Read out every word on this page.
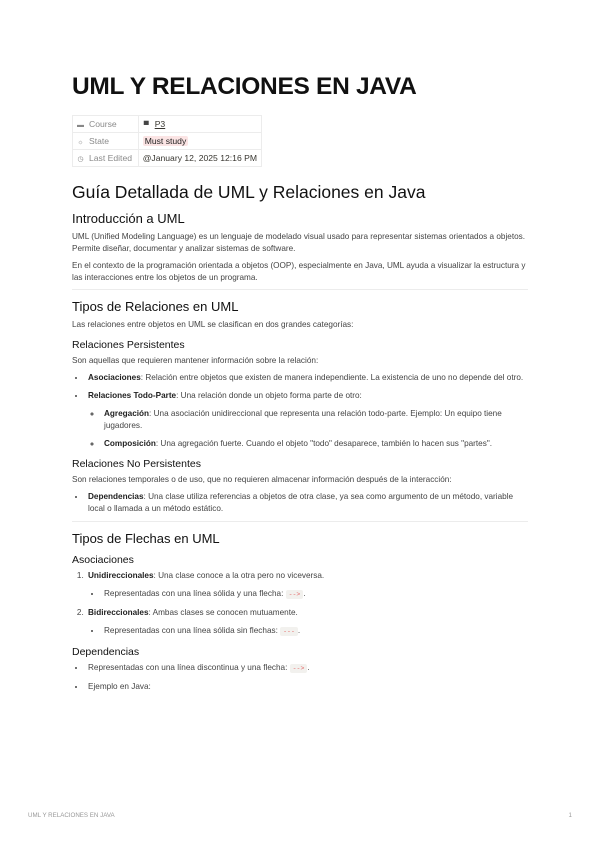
UML Y RELACIONES EN JAVA
▬ Course	▀ P3
☼ State	Must study
◷ Last Edited	@January 12, 2025 12:16 PM
Guía Detallada de UML y Relaciones en Java
Introducción a UML

UML (Unified Modeling Language) es un lenguaje de modelado visual usado para representar sistemas orientados a objetos. Permite diseñar, documentar y analizar sistemas de software.

En el contexto de la programación orientada a objetos (OOP), especialmente en Java, UML ayuda a visualizar la estructura y las interacciones entre los objetos de un programa.

Tipos de Relaciones en UML

Las relaciones entre objetos en UML se clasifican en dos grandes categorías:

Relaciones Persistentes

Son aquellas que requieren mantener información sobre la relación:

• Asociaciones: Relación entre objetos que existen de manera independiente. La existencia de uno no depende del otro.
• Relaciones Todo-Parte: Una relación donde un objeto forma parte de otro:
◦ Agregación: Una asociación unidireccional que representa una relación todo-parte. Ejemplo: Un equipo tiene jugadores.
◦ Composición: Una agregación fuerte. Cuando el objeto "todo" desaparece, también lo hacen sus "partes".
Relaciones No Persistentes

Son relaciones temporales o de uso, que no requieren almacenar información después de la interacción:

• Dependencias: Una clase utiliza referencias a objetos de otra clase, ya sea como argumento de un método, variable local o llamada a un método estático.
Tipos de Flechas en UML
Asociaciones
1. Unidireccionales: Una clase conoce a la otra pero no viceversa.
• Representadas con una línea sólida y una flecha: --> .
2. Bidireccionales: Ambas clases se conocen mutuamente.
• Representadas con una línea sólida sin flechas: --- .
Dependencias
• Representadas con una línea discontinua y una flecha: --> .
• Ejemplo en Java:
UML Y RELACIONES EN JAVA	1
